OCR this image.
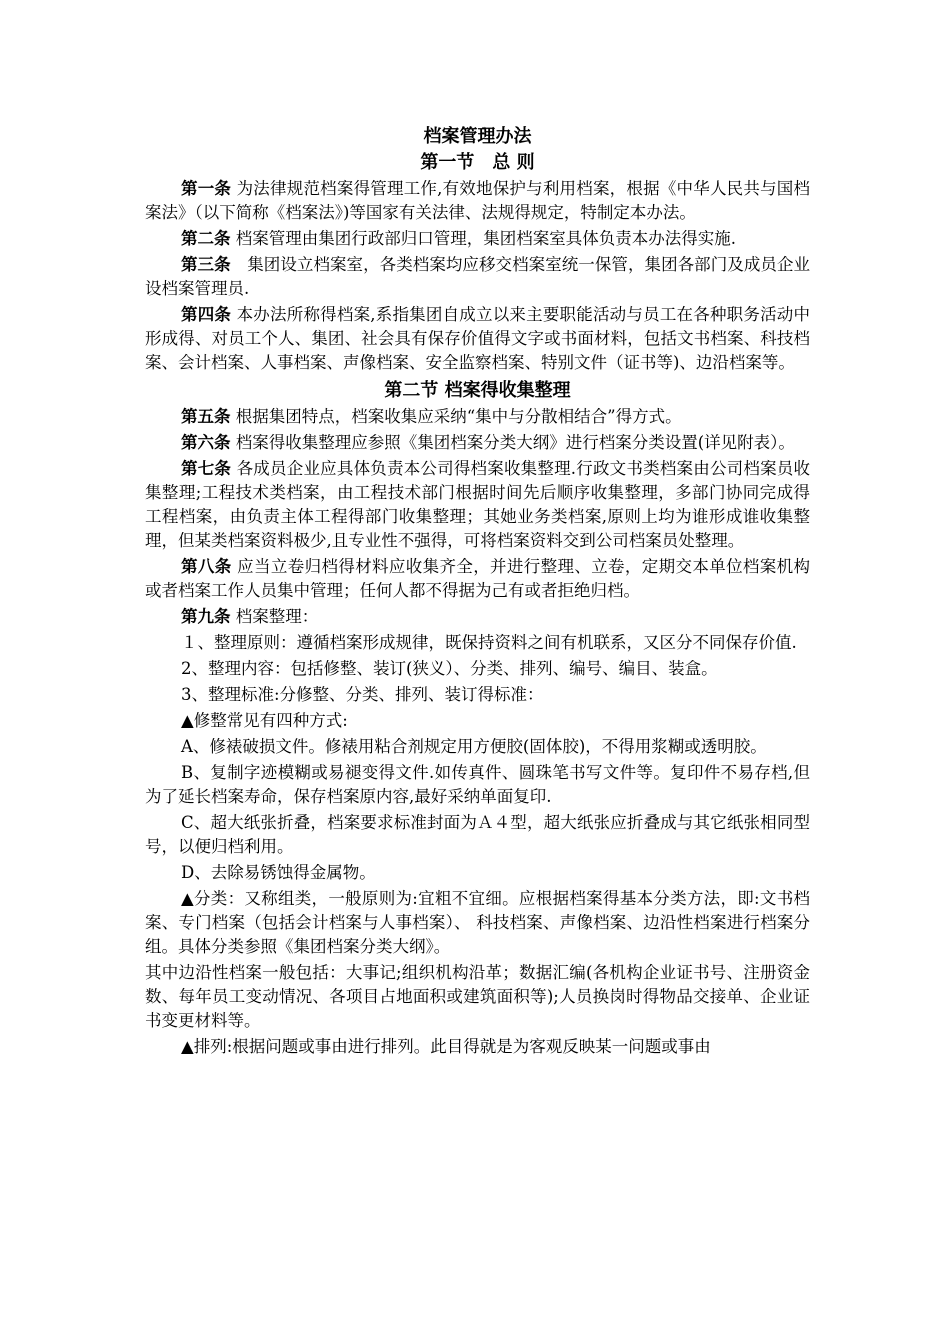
档案管理办法

第一节　总 则

第一条 为法律规范档案得管理工作,有效地保护与利用档案，根据《中华人民共与国档案法》（以下简称《档案法》)等国家有关法律、法规得规定，特制定本办法。

第二条 档案管理由集团行政部归口管理，集团档案室具体负责本办法得实施.

第三条　集团设立档案室，各类档案均应移交档案室统一保管，集团各部门及成员企业设档案管理员.

第四条 本办法所称得档案,系指集团自成立以来主要职能活动与员工在各种职务活动中形成得、对员工个人、集团、社会具有保存价值得文字或书面材料，包括文书档案、科技档案、会计档案、人事档案、声像档案、安全监察档案、特别文件（证书等)、边沿档案等。

第二节 档案得收集整理

第五条 根据集团特点，档案收集应采纳“集中与分散相结合”得方式。

第六条 档案得收集整理应参照《集团档案分类大纲》进行档案分类设置(详见附表）。

第七条 各成员企业应具体负责本公司得档案收集整理.行政文书类档案由公司档案员收集整理;工程技术类档案，由工程技术部门根据时间先后顺序收集整理，多部门协同完成得工程档案，由负责主体工程得部门收集整理；其她业务类档案,原则上均为谁形成谁收集整理，但某类档案资料极少,且专业性不强得，可将档案资料交到公司档案员处整理。

第八条 应当立卷归档得材料应收集齐全，并进行整理、立卷，定期交本单位档案机构或者档案工作人员集中管理；任何人都不得据为己有或者拒绝归档。

第九条 档案整理：

１、整理原则：遵循档案形成规律，既保持资料之间有机联系，又区分不同保存价值.

2、整理内容：包括修整、装订(狭义）、分类、排列、编号、编目、装盒。

3、整理标准:分修整、分类、排列、装订得标准：

▲修整常见有四种方式:

A、修裱破损文件。修裱用粘合剂规定用方便胶(固体胶)，不得用浆糊或透明胶。

B、复制字迹模糊或易褪变得文件.如传真件、圆珠笔书写文件等。复印件不易存档,但为了延长档案寿命，保存档案原内容,最好采纳单面复印.

C、超大纸张折叠，档案要求标准封面为Ａ４型，超大纸张应折叠成与其它纸张相同型号，以便归档利用。

D、去除易锈蚀得金属物。

▲分类：又称组类，一般原则为:宜粗不宜细。应根据档案得基本分类方法，即:文书档案、专门档案（包括会计档案与人事档案）、 科技档案、声像档案、边沿性档案进行档案分组。具体分类参照《集团档案分类大纲》。

其中边沿性档案一般包括：大事记;组织机构沿革；数据汇编(各机构企业证书号、注册资金数、每年员工变动情况、各项目占地面积或建筑面积等);人员换岗时得物品交接单、企业证书变更材料等。

▲排列:根据问题或事由进行排列。此目得就是为客观反映某一问题或事由
